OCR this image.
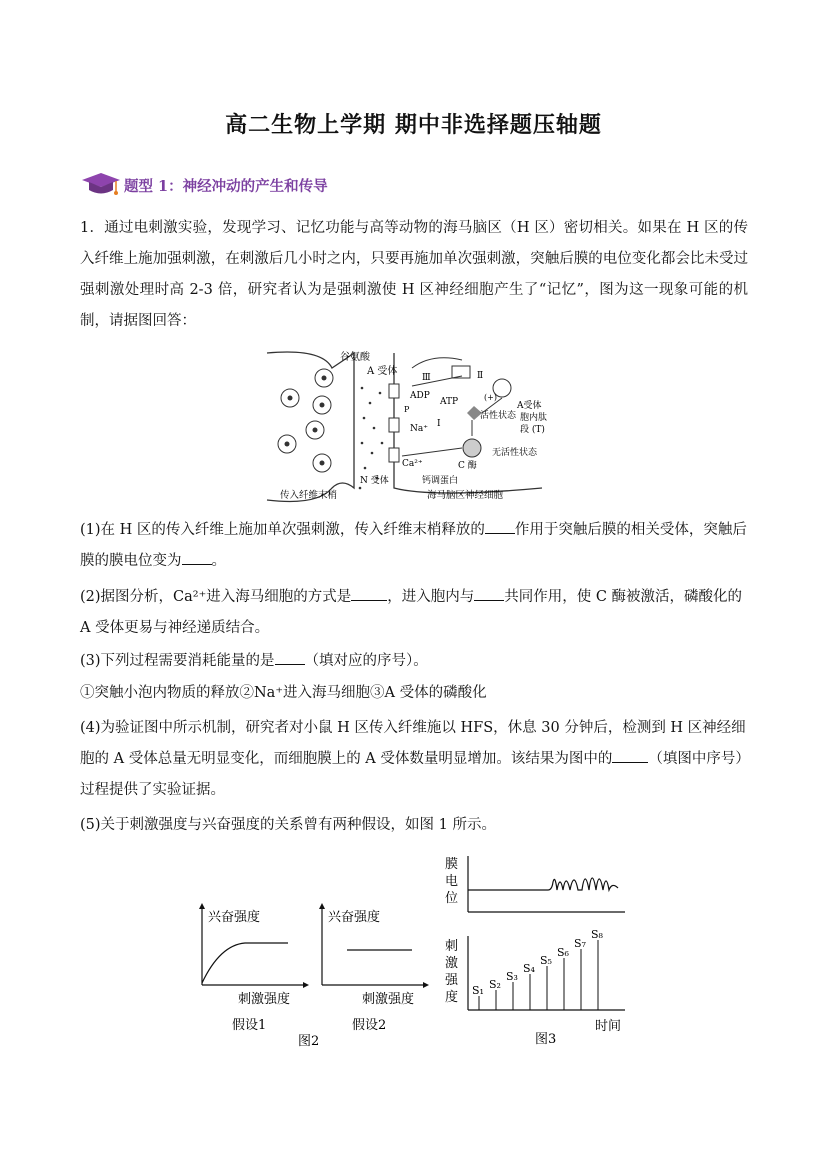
高二生物上学期 期中非选择题压轴题
题型 1：神经冲动的产生和传导
1．通过电刺激实验，发现学习、记忆功能与高等动物的海马脑区（H 区）密切相关。如果在 H 区的传入纤维上施加强刺激，在刺激后几小时之内，只要再施加单次强刺激，突触后膜的电位变化都会比未受过强刺激处理时高 2-3 倍，研究者认为是强刺激使 H 区神经细胞产生了“记忆”，图为这一现象可能的机制，请据图回答：
谷氨酸
A 受体
Ⅲ	Ⅱ
Ⅰ
(+)
ADP
ATP
P
活性状态
无活性状态
A受体
胞内肽
段 (T)
Na⁺
Ca²⁺	C 酶
钙调蛋白
N 受体
传入纤维末梢	海马脑区神经细胞
(1)在 H 区的传入纤维上施加单次强刺激，传入纤维末梢释放的 作用于突触后膜的相关受体，突触后膜的膜电位变为 。
(2)据图分析，Ca²⁺进入海马细胞的方式是 ，进入胞内与 共同作用，使 C 酶被激活，磷酸化的 A 受体更易与神经递质结合。
(3)下列过程需要消耗能量的是 （填对应的序号）。
①突触小泡内物质的释放②Na⁺进入海马细胞③A 受体的磷酸化
(4)为验证图中所示机制，研究者对小鼠 H 区传入纤维施以 HFS，休息 30 分钟后，检测到 H 区神经细胞的 A 受体总量无明显变化，而细胞膜上的 A 受体数量明显增加。该结果为图中的 （填图中序号）过程提供了实验证据。
(5)关于刺激强度与兴奋强度的关系曾有两种假设，如图 1 所示。
兴奋强度
刺激强度
假设1
兴奋强度
刺激强度
假设2
图2
膜
电
位
刺
激
强
度 S₁ S₂
S₃
S₄
S₅
S₆
S₇
S₈
时间
图3
